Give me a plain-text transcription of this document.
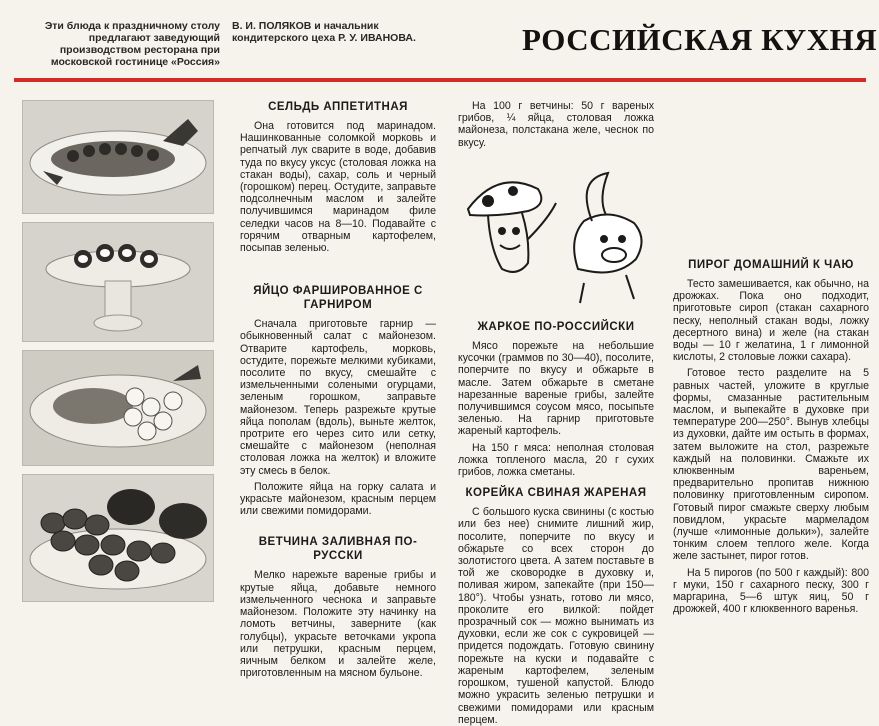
Эти блюда к праздничному столу предлагают заведующий производством ресторана при московской гостинице «Россия»
В. И. ПОЛЯКОВ и начальник кондитерского цеха Р. У. ИВАНОВА.	РОССИЙСКАЯ КУХНЯ
СЕЛЬДЬ АППЕТИТНАЯ

Она готовится под маринадом. Нашинкованные соломкой морковь и репчатый лук сварите в воде, добавив туда по вкусу уксус (столовая ложка на стакан воды), сахар, соль и черный (горошком) перец. Остудите, заправьте подсолнечным маслом и залейте получившимся маринадом филе селедки часов на 8—10. Подавайте с горячим отварным картофелем, посыпав зеленью.

ЯЙЦО ФАРШИРОВАННОЕ С ГАРНИРОМ

Сначала приготовьте гарнир — обыкновенный салат с майонезом. Отварите картофель, морковь, остудите, порежьте мелкими кубиками, посолите по вкусу, смешайте с измельченными солеными огурцами, зеленым горошком, заправьте майонезом. Теперь разрежьте крутые яйца пополам (вдоль), выньте желток, протрите его через сито или сетку, смешайте с майонезом (неполная столовая ложка на желток) и вложите эту смесь в белок.

Положите яйца на горку салата и украсьте майонезом, красным перцем или свежими помидорами.

ВЕТЧИНА ЗАЛИВНАЯ ПО-РУССКИ

Мелко нарежьте вареные грибы и крутые яйца, добавьте немного измельченного чеснока и заправьте майонезом. Положите эту начинку на ломоть ветчины, заверните (как голубцы), украсьте веточками укропа или петрушки, красным перцем, яичным белком и залейте желе, приготовленным на мясном бульоне.

На 100 г ветчины: 50 г вареных грибов, ¼ яйца, столовая ложка майонеза, полстакана желе, чеснок по вкусу.

ЖАРКОЕ ПО-РОССИЙСКИ

Мясо порежьте на небольшие кусочки (граммов по 30—40), посолите, поперчите по вкусу и обжарьте в масле. Затем обжарьте в сметане нарезанные вареные грибы, залейте получившимся соусом мясо, посыпьте зеленью. На гарнир приготовьте жареный картофель.

На 150 г мяса: неполная столовая ложка топленого масла, 20 г сухих грибов, ложка сметаны.

КОРЕЙКА СВИНАЯ ЖАРЕНАЯ

С большого куска свинины (с костью или без нее) снимите лишний жир, посолите, поперчите по вкусу и обжарьте со всех сторон до золотистого цвета. А затем поставьте в той же сковородке в духовку и, поливая жиром, запекайте (при 150—180°). Чтобы узнать, готово ли мясо, проколите его вилкой: пойдет прозрачный сок — можно вынимать из духовки, если же сок с сукровицей — придется подождать. Готовую свинину порежьте на куски и подавайте с жареным картофелем, зеленым горошком, тушеной капустой. Блюдо можно украсить зеленью петрушки и свежими помидорами или красным перцем.

ПИРОГ ДОМАШНИЙ К ЧАЮ

Тесто замешивается, как обычно, на дрожжах. Пока оно подходит, приготовьте сироп (стакан сахарного песку, неполный стакан воды, ложку десертного вина) и желе (на стакан воды — 10 г желатина, 1 г лимонной кислоты, 2 столовые ложки сахара).

Готовое тесто разделите на 5 равных частей, уложите в круглые формы, смазанные растительным маслом, и выпекайте в духовке при температуре 200—250°. Вынув хлебцы из духовки, дайте им остыть в формах, затем выложите на стол, разрежьте каждый на половинки. Смажьте их клюквенным вареньем, предварительно пропитав нижнюю половинку приготовленным сиропом. Готовый пирог смажьте сверху любым повидлом, украсьте мармеладом (лучше «лимонные дольки»), залейте тонким слоем теплого желе. Когда желе застынет, пирог готов.

На 5 пирогов (по 500 г каждый): 800 г муки, 150 г сахарного песку, 300 г маргарина, 5—6 штук яиц, 50 г дрожжей, 400 г клюквенного варенья.
